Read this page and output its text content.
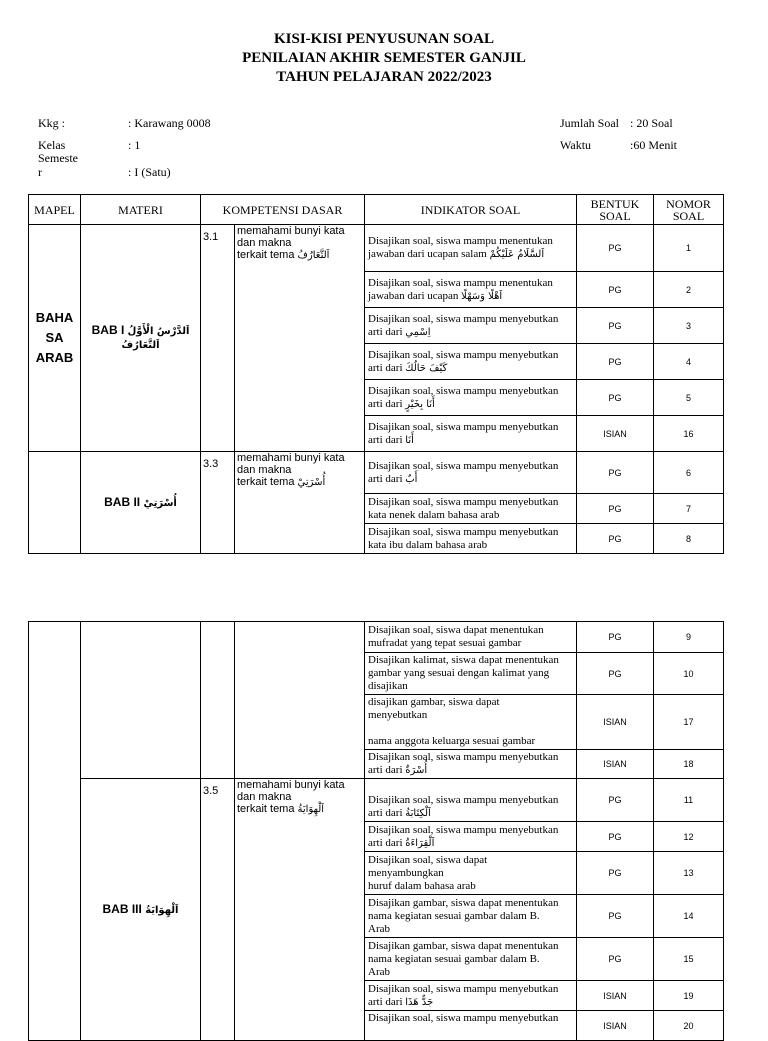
KISI-KISI PENYUSUNAN SOAL
PENILAIAN AKHIR SEMESTER GANJIL
TAHUN PELAJARAN 2022/2023
Kkg :	: Karawang 0008
Kelas	: 1
Semeste
r	: I (Satu)
Jumlah Soal : 20 Soal
Waktu	:60 Menit
MAPEL	MATERI	KOMPETENSI DASAR		INDIKATOR SOAL	BENTUK
SOAL	NOMOR
SOAL
BAHA
SA
ARAB	BAB I اَلدَّرْسُ الْأَوَّلُ
اَلتَّعَارُفُ	3.1	memahami bunyi kata
dan makna
terkait tema اَلتَّعَارُفُ	Disajikan soal, siswa mampu menentukan
jawaban dari ucapan salam اَلسَّلَامُ عَلَيْكُمْ	PG	1
				Disajikan soal, siswa mampu menentukan
jawaban dari ucapan اَهْلًا وَسَهْلًا	PG	2
				Disajikan soal, siswa mampu menyebutkan
arti dari اِسْمِي	PG	3
				Disajikan soal, siswa mampu menyebutkan
arti dari كَيْفَ حَالُكَ	PG	4
				Disajikan soal, siswa mampu menyebutkan
arti dari أَنَا بِخَيْرٍ	PG	5
				Disajikan soal, siswa mampu menyebutkan
arti dari أَنَا	ISIAN	16
	BAB II أُسْرَتِيْ	3.3	memahami bunyi kata
dan makna
terkait tema أُسْرَتِيْ	Disajikan soal, siswa mampu menyebutkan
arti dari أَبٌ	PG	6
				Disajikan soal, siswa mampu menyebutkan
kata nenek dalam bahasa arab	PG	7
				Disajikan soal, siswa mampu menyebutkan
kata ibu dalam bahasa arab	PG	8
				Disajikan soal, siswa dapat menentukan
mufradat yang tepat sesuai gambar	PG	9
				Disajikan kalimat, siswa dapat menentukan
gambar yang sesuai dengan kalimat yang
disajikan	PG	10
				disajikan gambar, siswa dapat
menyebutkan

nama anggota keluarga sesuai gambar	ISIAN	17
				Disajikan soal, siswa mampu menyebutkan
arti dari أُسْرَةٌ	ISIAN	18
	BAB III اَلْهِوَايَةُ	3.5	memahami bunyi kata
dan makna
terkait tema اَلْهِوَايَةُ	Disajikan soal, siswa mampu menyebutkan
arti dari اَلْكِتَابَةُ	PG	11
				Disajikan soal, siswa mampu menyebutkan
arti dari اَلْقِرَاءَةُ	PG	12
				Disajikan soal, siswa dapat
menyambungkan
huruf dalam bahasa arab	PG	13
				Disajikan gambar, siswa dapat menentukan
nama kegiatan sesuai gambar dalam B.
Arab	PG	14
				Disajikan gambar, siswa dapat menentukan
nama kegiatan sesuai gambar dalam B.
Arab	PG	15
				Disajikan soal, siswa mampu menyebutkan
arti dari جَدٌّ هَذَا	ISIAN	19
				Disajikan soal, siswa mampu menyebutkan	ISIAN	20
